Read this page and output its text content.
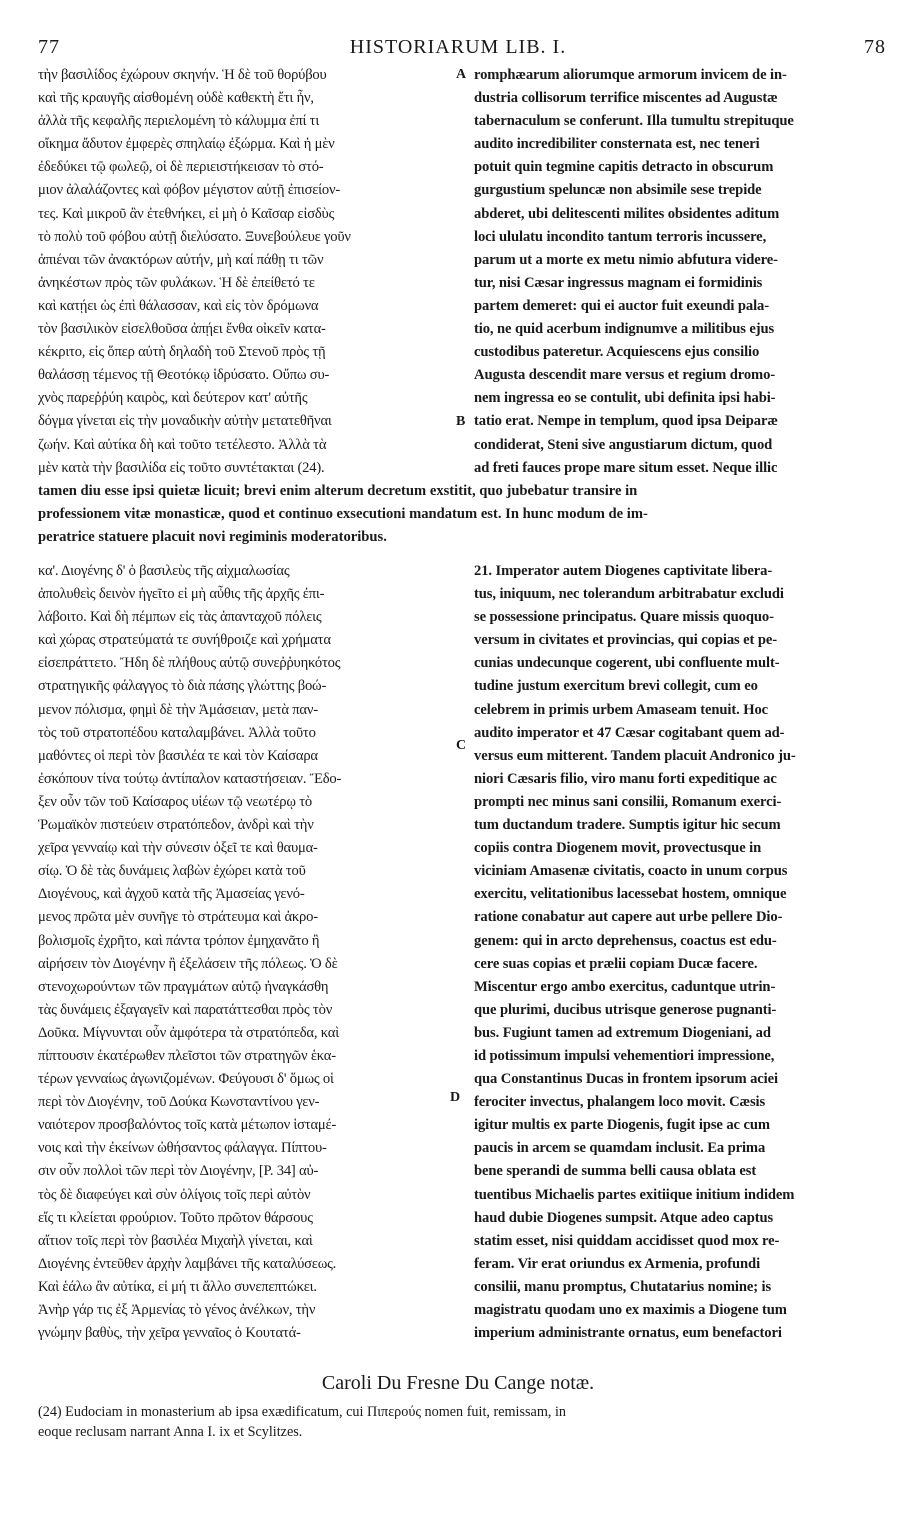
77	HISTORIARUM LIB. I.	78
τὴν βασιλίδος ἐχώρουν σκηνήν. Ἡ δὲ τοῦ θορύβου
καὶ τῆς κραυγῆς αἰσθομένη οὐδὲ καθεκτὴ ἔτι ἦν,
ἀλλὰ τῆς κεφαλῆς περιελομένη τὸ κάλυμμα ἐπί τι
οἴκημα ἄδυτον ἐμφερὲς σπηλαίῳ ἐξώρμα. Καὶ ἡ μὲν
ἐδεδύκει τῷ φωλεῷ, οἱ δὲ περιειστήκεισαν τὸ στό-
μιον ἀλαλάζοντες καὶ φόβον μέγιστον αὐτῇ ἐπισείον-
τες. Καὶ μικροῦ ἂν ἐτεθνήκει, εἰ μὴ ὁ Καῖσαρ εἰσδὺς
τὸ πολὺ τοῦ φόβου αὐτῇ διελύσατο. Ξυνεβούλευε γοῦν
ἀπιέναι τῶν ἀνακτόρων αὐτήν, μὴ καί πάθῃ τι τῶν
ἀνηκέστων πρὸς τῶν φυλάκων. Ἡ δὲ ἐπείθετό τε
καὶ κατῄει ὡς ἐπὶ θάλασσαν, καὶ εἰς τὸν δρόμωνα
τὸν βασιλικὸν εἰσελθοῦσα ἀπῄει ἔνθα οἰκεῖν κατα-
κέκριτο, εἰς ὅπερ αὐτὴ δηλαδὴ τοῦ Στενοῦ πρὸς τῇ
θαλάσσῃ τέμενος τῇ Θεοτόκῳ ἱδρύσατο. Οὔπω συ-
χνὸς παρεῤῥύη καιρὸς, καὶ δεύτερον κατ' αὐτῆς
δόγμα γίνεται εἰς τὴν μοναδικὴν αὐτὴν μετατεθῆναι
ζωήν. Καὶ αὐτίκα δὴ καὶ τοῦτο τετέλεστο. Ἀλλὰ τὰ
μὲν κατὰ τὴν βασιλίδα εἰς τοῦτο συντέτακται (24).
romphæarum aliorumque armorum invicem de in-
dustria collisorum terrifice miscentes ad Augustæ
tabernaculum se conferunt. Illa tumultu strepituque
audito incredibiliter consternata est, nec teneri
potuit quin tegmine capitis detracto in obscurum
gurgustium speluncæ non absimile sese trepide
abderet, ubi delitescenti milites obsidentes aditum
loci ululatu incondito tantum terroris incussere,
parum ut a morte ex metu nimio abfutura videre-
tur, nisi Cæsar ingressus magnam ei formidinis
partem demeret: qui ei auctor fuit exeundi pala-
tio, ne quid acerbum indignumve a militibus ejus
custodibus pateretur. Acquiescens ejus consilio
Augusta descendit mare versus et regium dromo-
nem ingressa eo se contulit, ubi definita ipsi habi-
tatio erat. Nempe in templum, quod ipsa Deiparæ
condiderat, Steni sive angustiarum dictum, quod
ad freti fauces prope mare situm esset. Neque illic
tamen diu esse ipsi quietæ licuit; brevi enim alterum decretum exstitit, quo jubebatur transire in
professionem vitæ monasticæ, quod et continuo exsecutioni mandatum est. In hunc modum de im-
peratrice statuere placuit novi regiminis moderatoribus.
A
B
κα'. Διογένης δ' ὁ βασιλεὺς τῆς αἰχμαλωσίας
ἀπολυθεὶς δεινὸν ἡγεῖτο εἰ μὴ αὖθις τῆς ἀρχῆς ἐπι-
λάβοιτο. Καὶ δὴ πέμπων εἰς τὰς ἁπανταχοῦ πόλεις
καὶ χώρας στρατεύματά τε συνήθροιζε καὶ χρήματα
εἰσεπράττετο. Ἤδη δὲ πλήθους αὐτῷ συνεῤῥυηκότος
στρατηγικῆς φάλαγγος τὸ διὰ πάσης γλώττης βοώ-
μενον πόλισμα, φημὶ δὲ τὴν Ἀμάσειαν, μετὰ παν-
τὸς τοῦ στρατοπέδου καταλαμβάνει. Ἀλλὰ τοῦτο
μαθόντες οἱ περὶ τὸν βασιλέα τε καὶ τὸν Καίσαρα
ἐσκόπουν τίνα τούτῳ ἀντίπαλον καταστήσειαν. Ἔδο-
ξεν οὖν τῶν τοῦ Καίσαρος υἱέων τῷ νεωτέρῳ τὸ
Ῥωμαϊκὸν πιστεύειν στρατόπεδον, ἀνδρὶ καὶ τὴν
χεῖρα γενναίῳ καὶ τὴν σύνεσιν ὀξεῖ τε καὶ θαυμα-
σίῳ. Ὁ δὲ τὰς δυνάμεις λαβὼν ἐχώρει κατὰ τοῦ
Διογένους, καὶ ἀγχοῦ κατὰ τῆς Ἀμασείας γενό-
μενος πρῶτα μὲν συνῆγε τὸ στράτευμα καὶ ἀκρο-
βολισμοῖς ἐχρῆτο, καὶ πάντα τρόπον ἐμηχανᾶτο ἢ
αἱρήσειν τὸν Διογένην ἢ ἐξελάσειν τῆς πόλεως. Ὁ δὲ
στενοχωρούντων τῶν πραγμάτων αὐτῷ ἠναγκάσθη
τὰς δυνάμεις ἐξαγαγεῖν καὶ παρατάττεσθαι πρὸς τὸν
Δοῦκα. Μίγνυνται οὖν ἀμφότερα τὰ στρατόπεδα, καὶ
πίπτουσιν ἑκατέρωθεν πλεῖστοι τῶν στρατηγῶν ἑκα-
τέρων γενναίως ἀγωνιζομένων. Φεύγουσι δ' ὅμως οἱ
περὶ τὸν Διογένην, τοῦ Δούκα Κωνσταντίνου γεν-
ναιότερον προσβαλόντος τοῖς κατὰ μέτωπον ἱσταμέ-
νοις καὶ τὴν ἐκείνων ὠθήσαντος φάλαγγα. Πίπτου-
σιν οὖν πολλοὶ τῶν περὶ τὸν Διογένην, [P. 34] αὐ-
τὸς δὲ διαφεύγει καὶ σὺν ὀλίγοις τοῖς περὶ αὐτὸν
εἴς τι κλείεται φρούριον. Τοῦτο πρῶτον θάρσους
αἴτιον τοῖς περὶ τὸν βασιλέα Μιχαὴλ γίνεται, καὶ
Διογένης ἐντεῦθεν ἀρχὴν λαμβάνει τῆς καταλύσεως.
Καὶ ἑάλω ἂν αὐτίκα, εἰ μή τι ἄλλο συνεπεπτώκει.
Ἀνὴρ γάρ τις ἐξ Ἀρμενίας τὸ γένος ἀνέλκων, τὴν
γνώμην βαθὺς, τὴν χεῖρα γενναῖος ὁ Κουτατά-
21. Imperator autem Diogenes captivitate libera-
tus, iniquum, nec tolerandum arbitrabatur excludi
se possessione principatus. Quare missis quoquo-
versum in civitates et provincias, qui copias et pe-
cunias undecunque cogerent, ubi confluente mult-
tudine justum exercitum brevi collegit, cum eo
celebrem in primis urbem Amaseam tenuit. Hoc
audito imperator et 47 Cæsar cogitabant quem ad-
versus eum mitterent. Tandem placuit Andronico ju-
niori Cæsaris filio, viro manu forti expeditique ac
prompti nec minus sani consilii, Romanum exerci-
tum ductandum tradere. Sumptis igitur hic secum
copiis contra Diogenem movit, provectusque in
viciniam Amasenæ civitatis, coacto in unum corpus
exercitu, velitationibus lacessebat hostem, omnique
ratione conabatur aut capere aut urbe pellere Dio-
genem: qui in arcto deprehensus, coactus est edu-
cere suas copias et prælii copiam Ducæ facere.
Miscentur ergo ambo exercitus, caduntque utrin-
que plurimi, ducibus utrisque generose pugnanti-
bus. Fugiunt tamen ad extremum Diogeniani, ad
id potissimum impulsi vehementiori impressione,
qua Constantinus Ducas in frontem ipsorum aciei
ferociter invectus, phalangem loco movit. Cæsis
igitur multis ex parte Diogenis, fugit ipse ac cum
paucis in arcem se quamdam inclusit. Ea prima
bene sperandi de summa belli causa oblata est
tuentibus Michaelis partes exitiique initium indidem
haud dubie Diogenes sumpsit. Atque adeo captus
statim esset, nisi quiddam accidisset quod mox re-
feram. Vir erat oriundus ex Armenia, profundi
consilii, manu promptus, Chutatarius nomine; is
magistratu quodam uno ex maximis a Diogene tum
imperium administrante ornatus, eum benefactori
C
D
Caroli Du Fresne Du Cange notæ.
(24) Eudociam in monasterium ab ipsa exædificatum, cui Πιπερούς nomen fuit, remissam, in
eoque reclusam narrant Anna I. ix et Scylitzes.
